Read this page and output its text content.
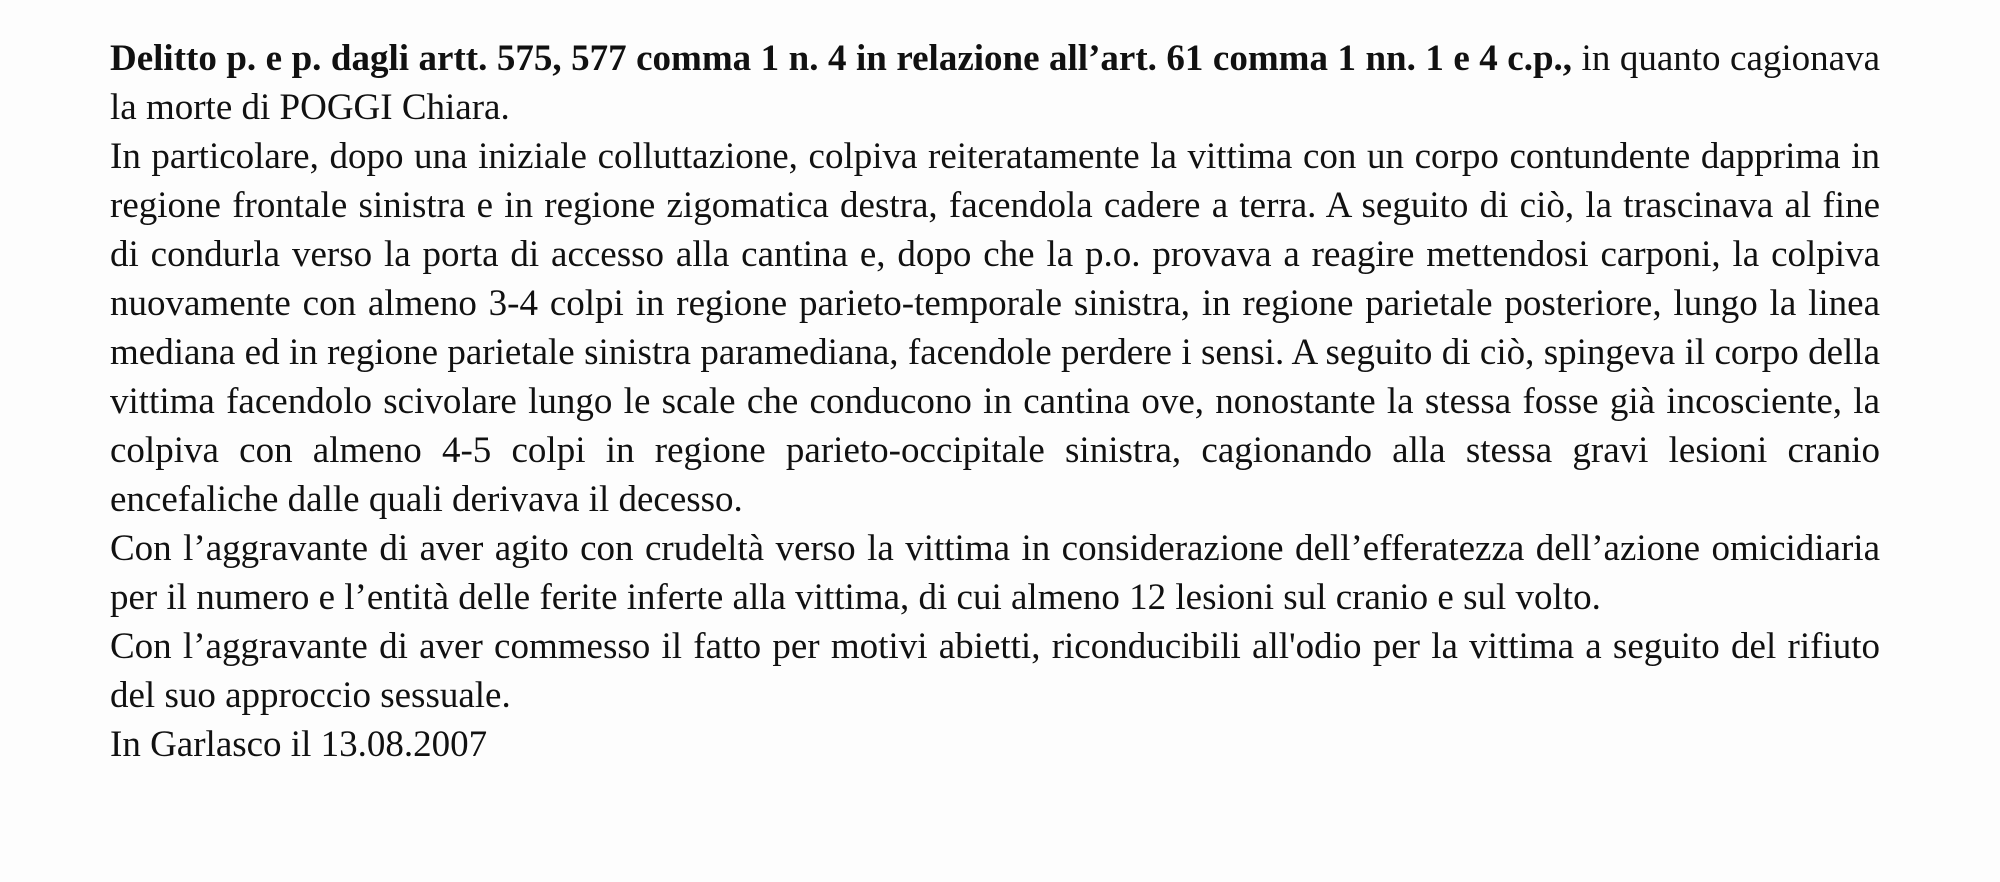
Delitto p. e p. dagli artt. 575, 577 comma 1 n. 4 in relazione all’art. 61 comma 1 nn. 1 e 4 c.p., in quanto cagionava la morte di POGGI Chiara.

In particolare, dopo una iniziale colluttazione, colpiva reiteratamente la vittima con un corpo contundente dapprima in regione frontale sinistra e in regione zigomatica destra, facendola cadere a terra. A seguito di ciò, la trascinava al fine di condurla verso la porta di accesso alla cantina e, dopo che la p.o. provava a reagire mettendosi carponi, la colpiva nuovamente con almeno 3-4 colpi in regione parieto-temporale sinistra, in regione parietale posteriore, lungo la linea mediana ed in regione parietale sinistra paramediana, facendole perdere i sensi. A seguito di ciò, spingeva il corpo della vittima facendolo scivolare lungo le scale che conducono in cantina ove, nonostante la stessa fosse già incosciente, la colpiva con almeno 4-5 colpi in regione parieto-occipitale sinistra, cagionando alla stessa gravi lesioni cranio encefaliche dalle quali derivava il decesso.

Con l’aggravante di aver agito con crudeltà verso la vittima in considerazione dell’efferatezza dell’azione omicidiaria per il numero e l’entità delle ferite inferte alla vittima, di cui almeno 12 lesioni sul cranio e sul volto.

Con l’aggravante di aver commesso il fatto per motivi abietti, riconducibili all'odio per la vittima a seguito del rifiuto del suo approccio sessuale.

In Garlasco il 13.08.2007
